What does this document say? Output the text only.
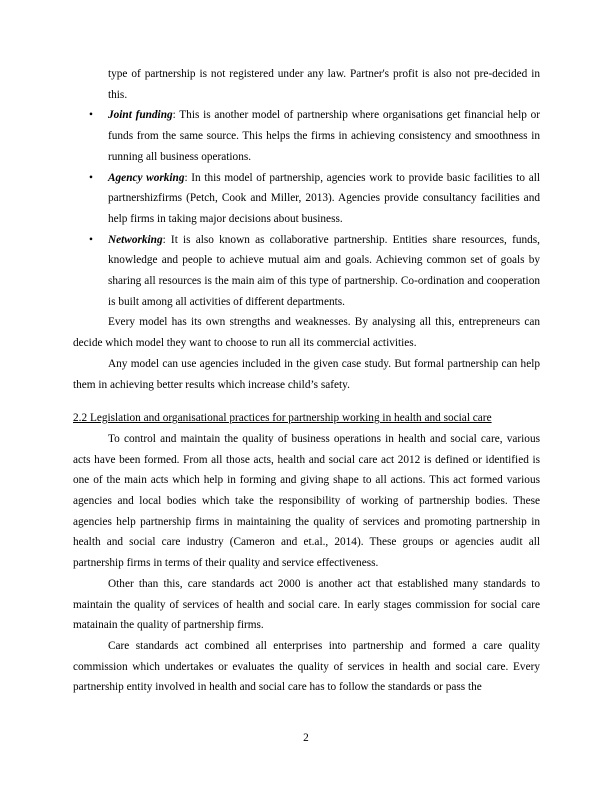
type of partnership is not registered under any law. Partner's profit is also not pre-decided in this.

• Joint funding: This is another model of partnership where organisations get financial help or funds from the same source. This helps the firms in achieving consistency and smoothness in running all business operations.
• Agency working: In this model of partnership, agencies work to provide basic facilities to all partnershizfirms (Petch, Cook and Miller, 2013). Agencies provide consultancy facilities and help firms in taking major decisions about business.
• Networking: It is also known as collaborative partnership. Entities share resources, funds, knowledge and people to achieve mutual aim and goals. Achieving common set of goals by sharing all resources is the main aim of this type of partnership. Co-ordination and cooperation is built among all activities of different departments.

Every model has its own strengths and weaknesses. By analysing all this, entrepreneurs can decide which model they want to choose to run all its commercial activities.

Any model can use agencies included in the given case study. But formal partnership can help them in achieving better results which increase child’s safety.

2.2 Legislation and organisational practices for partnership working in health and social care

To control and maintain the quality of business operations in health and social care, various acts have been formed. From all those acts, health and social care act 2012 is defined or identified is one of the main acts which help in forming and giving shape to all actions. This act formed various agencies and local bodies which take the responsibility of working of partnership bodies. These agencies help partnership firms in maintaining the quality of services and promoting partnership in health and social care industry (Cameron and et.al., 2014). These groups or agencies audit all partnership firms in terms of their quality and service effectiveness.

Other than this, care standards act 2000 is another act that established many standards to maintain the quality of services of health and social care. In early stages commission for social care matainain the quality of partnership firms.

Care standards act combined all enterprises into partnership and formed a care quality commission which undertakes or evaluates the quality of services in health and social care. Every partnership entity involved in health and social care has to follow the standards or pass the

2
